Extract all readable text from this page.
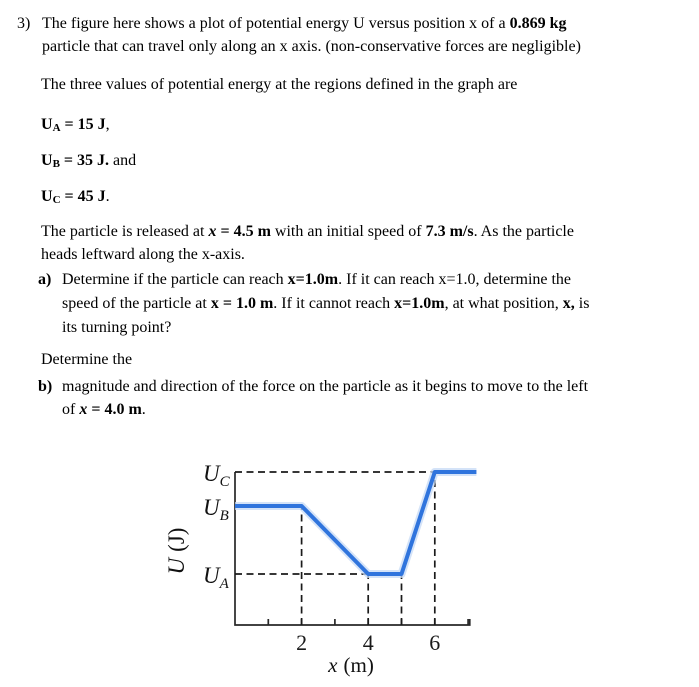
3) The figure here shows a plot of potential energy U versus position x of a 0.869 kg
particle that can travel only along an x axis. (non-conservative forces are negligible)
The three values of potential energy at the regions defined in the graph are
UA = 15 J,
UB = 35 J. and
UC = 45 J.
The particle is released at x = 4.5 m with an initial speed of 7.3 m/s. As the particle
heads leftward along the x-axis.
a) Determine if the particle can reach x=1.0m. If it can reach x=1.0, determine the
speed of the particle at x = 1.0 m. If it cannot reach x=1.0m, at what position, x, is
its turning point?
Determine the
b) magnitude and direction of the force on the particle as it begins to move to the left
of x = 4.0 m.
U(J)
x (m)
2	4	6
$U_C$
$U_B$
$U_A$
